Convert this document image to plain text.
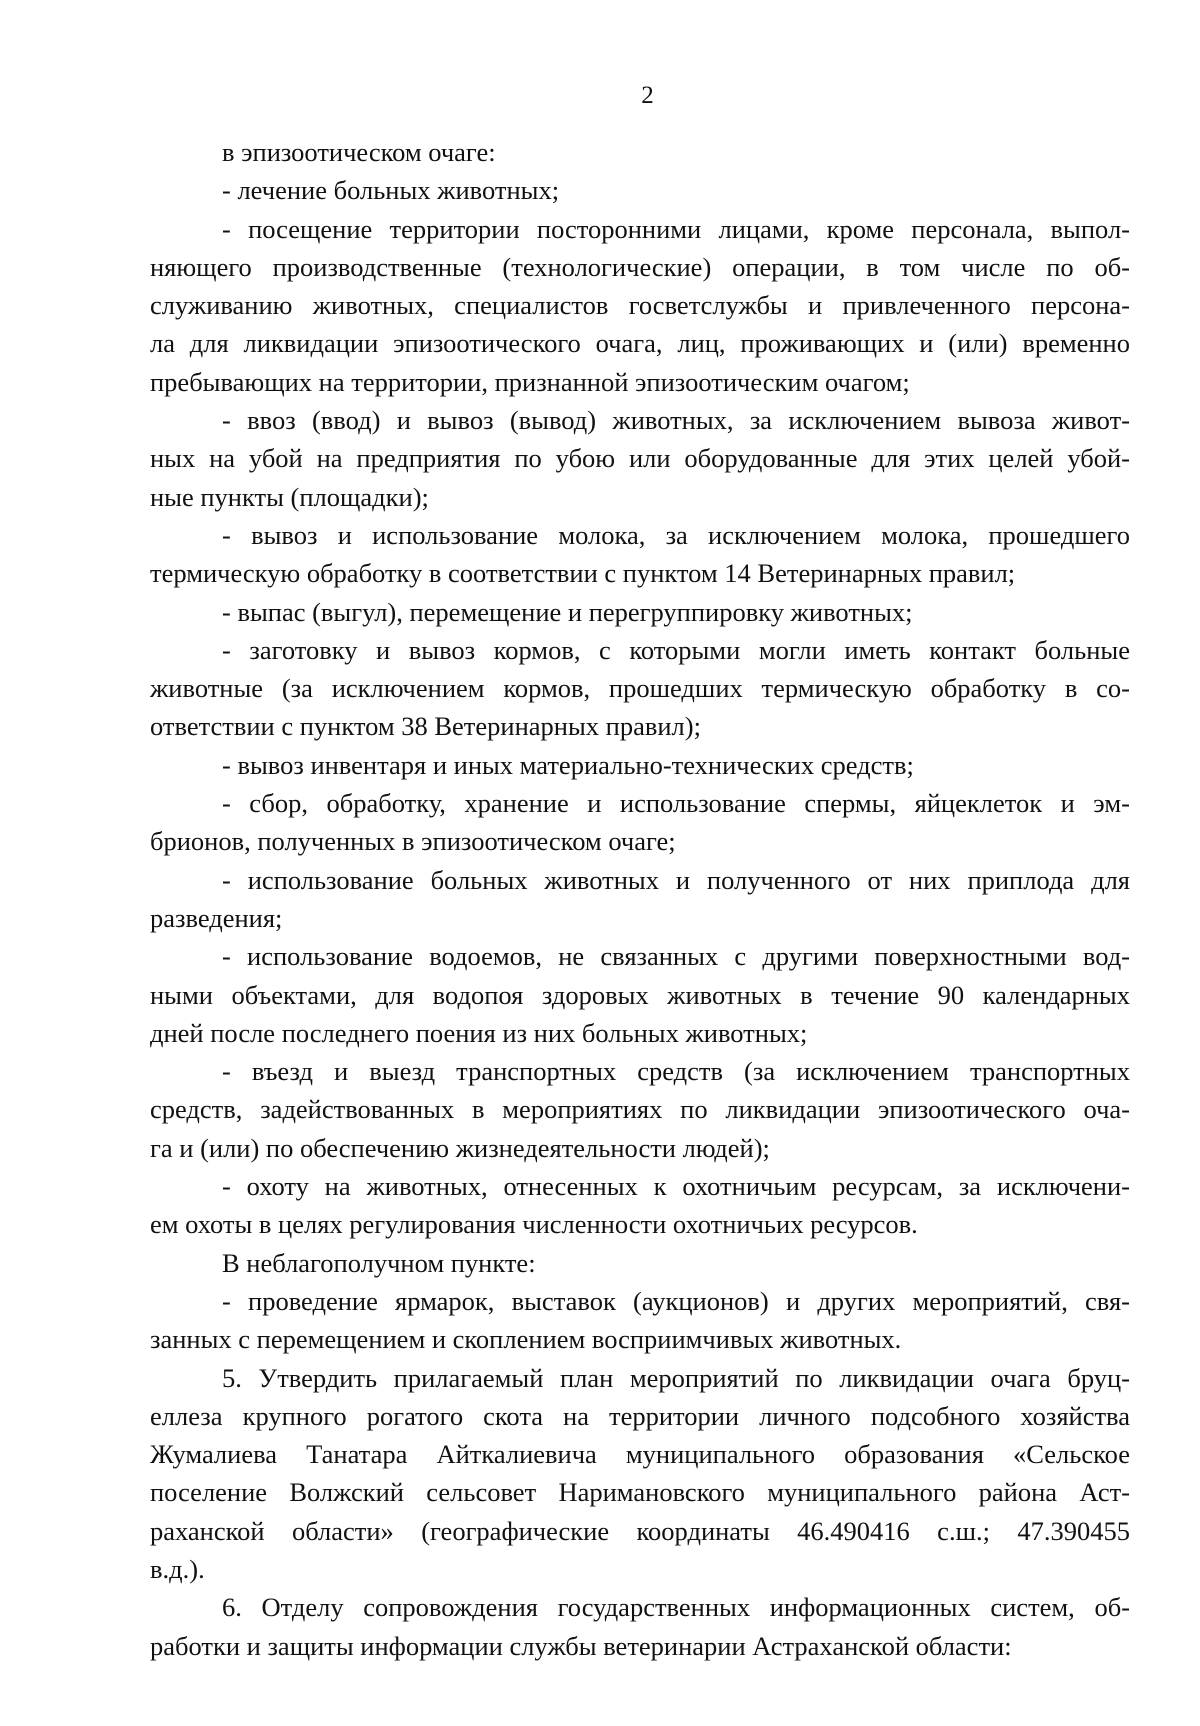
2
в эпизоотическом очаге:
- лечение больных животных;
- посещение территории посторонними лицами, кроме персонала, выпол-
няющего производственные (технологические) операции, в том числе по об-
служиванию животных, специалистов госветслужбы и привлеченного персона-
ла для ликвидации эпизоотического очага, лиц, проживающих и (или) временно
пребывающих на территории, признанной эпизоотическим очагом;
- ввоз (ввод) и вывоз (вывод) животных, за исключением вывоза живот-
ных на убой на предприятия по убою или оборудованные для этих целей убой-
ные пункты (площадки);
- вывоз и использование молока, за исключением молока, прошедшего
термическую обработку в соответствии с пунктом 14 Ветеринарных правил;
- выпас (выгул), перемещение и перегруппировку животных;
- заготовку и вывоз кормов, с которыми могли иметь контакт больные
животные (за исключением кормов, прошедших термическую обработку в со-
ответствии с пунктом 38 Ветеринарных правил);
- вывоз инвентаря и иных материально-технических средств;
- сбор, обработку, хранение и использование спермы, яйцеклеток и эм-
брионов, полученных в эпизоотическом очаге;
- использование больных животных и полученного от них приплода для
разведения;
- использование водоемов, не связанных с другими поверхностными вод-
ными объектами, для водопоя здоровых животных в течение 90 календарных
дней после последнего поения из них больных животных;
- въезд и выезд транспортных средств (за исключением транспортных
средств, задействованных в мероприятиях по ликвидации эпизоотического оча-
га и (или) по обеспечению жизнедеятельности людей);
- охоту на животных, отнесенных к охотничьим ресурсам, за исключени-
ем охоты в целях регулирования численности охотничьих ресурсов.
В неблагополучном пункте:
- проведение ярмарок, выставок (аукционов) и других мероприятий, свя-
занных с перемещением и скоплением восприимчивых животных.
5. Утвердить прилагаемый план мероприятий по ликвидации очага бруц-
еллеза крупного рогатого скота на территории личного подсобного хозяйства
Жумалиева Танатара Айткалиевича муниципального образования «Сельское
поселение Волжский сельсовет Наримановского муниципального района Аст-
раханской области» (географические координаты 46.490416 с.ш.; 47.390455
в.д.).
6. Отделу сопровождения государственных информационных систем, об-
работки и защиты информации службы ветеринарии Астраханской области:
